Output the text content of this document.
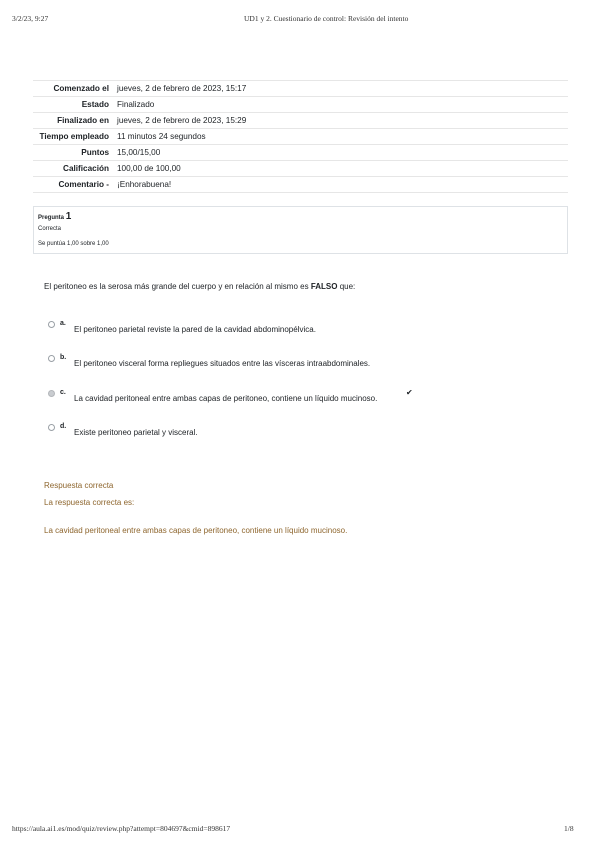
3/2/23, 9:27	UD1 y 2. Cuestionario de control: Revisión del intento
Comenzado el	jueves, 2 de febrero de 2023, 15:17
Estado	Finalizado
Finalizado en	jueves, 2 de febrero de 2023, 15:29
Tiempo empleado	11 minutos 24 segundos
Puntos	15,00/15,00
Calificación	100,00 de 100,00
Comentario -	¡Enhorabuena!
Pregunta 1
Correcta
Se puntúa 1,00 sobre 1,00
El peritoneo es la serosa más grande del cuerpo y en relación al mismo es FALSO que:
a.
El peritoneo parietal reviste la pared de la cavidad abdominopélvica.
b.
El peritoneo visceral forma repliegues situados entre las vísceras intraabdominales.
c.
La cavidad peritoneal entre ambas capas de peritoneo, contiene un líquido mucinoso.
✔
d.
Existe peritoneo parietal y visceral.
Respuesta correcta
La respuesta correcta es:
La cavidad peritoneal entre ambas capas de peritoneo, contiene un líquido mucinoso.
https://aula.ai1.es/mod/quiz/review.php?attempt=804697&cmid=898617	1/8
